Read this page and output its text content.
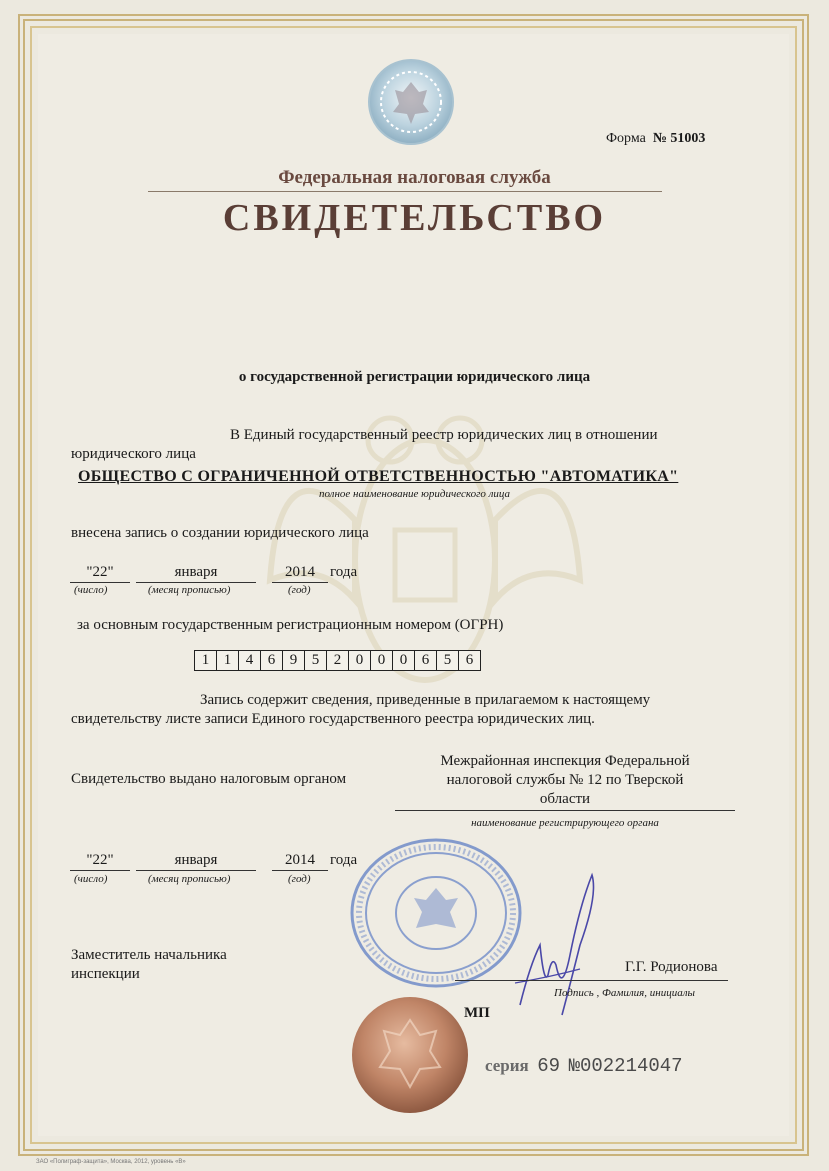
Форма № 51003
Федеральная налоговая служба
СВИДЕТЕЛЬСТВО
о государственной регистрации юридического лица
В Единый государственный реестр юридических лиц в отношении
юридического лица
ОБЩЕСТВО С ОГРАНИЧЕННОЙ ОТВЕТСТВЕННОСТЬЮ "АВТОМАТИКА"
полное наименование юридического лица
внесена запись о создании юридического лица
"22"	января	2014	года
(число)	(месяц прописью)	(год)
за основным государственным регистрационным номером (ОГРН)
1 1 4 6 9 5 2 0 0 0 6 5 6
Запись содержит сведения, приведенные в прилагаемом к настоящему
свидетельству листе записи Единого государственного реестра юридических лиц.
Свидетельство выдано налоговым органом
Межрайонная инспекция Федеральной
налоговой службы № 12 по Тверской
области
наименование регистрирующего органа
"22"	января	2014	года
(число)	(месяц прописью)	(год)
Заместитель начальника
инспекции	Г.Г. Родионова
Подпись , Фамилия, инициалы
МП
серия 69 №002214047
ЗАО «Полиграф-защита», Москва, 2012, уровень «В»
